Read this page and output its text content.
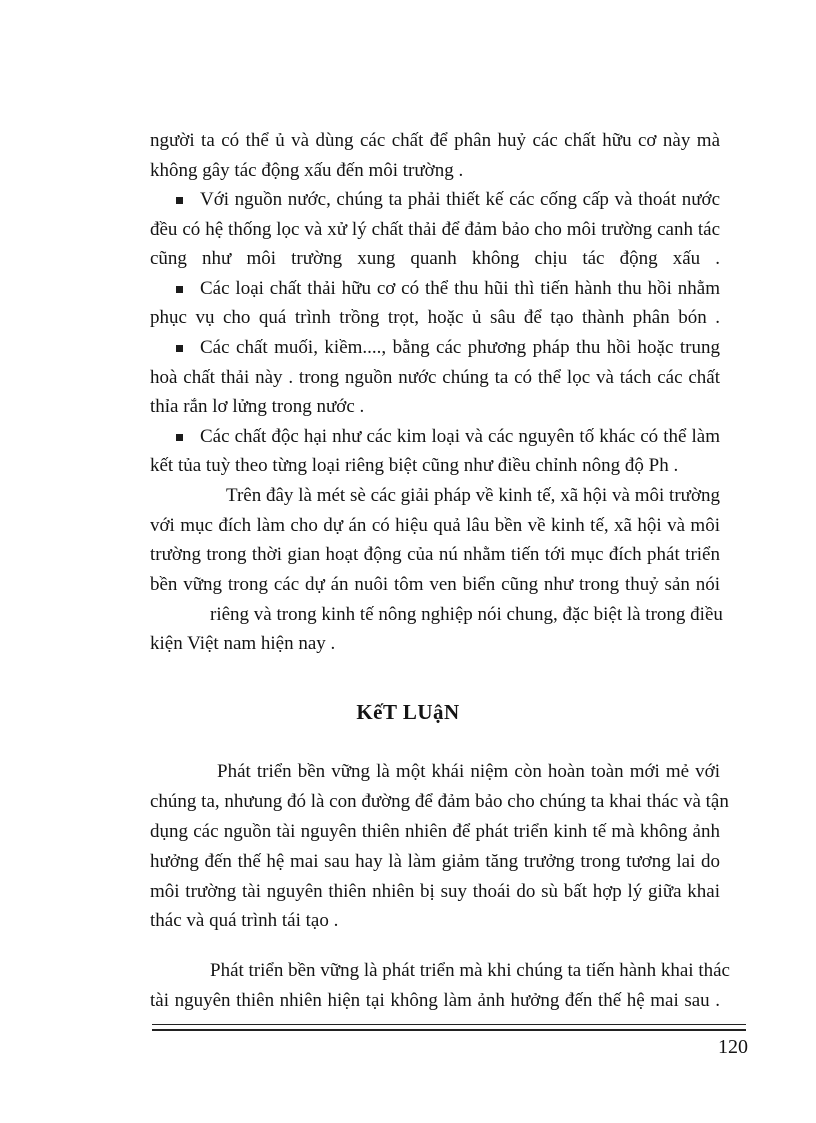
người ta có thể ủ và dùng các chất để phân huỷ các chất hữu cơ này mà
không gây tác động xấu đến môi trường .
Với nguồn nước, chúng ta phải thiết kế các cống cấp và thoát nước
đều có hệ thống lọc và xử lý chất thải để đảm bảo cho môi trường canh tác
cũng như môi trường xung quanh không chịu tác động xấu .
Các loại chất thải hữu cơ có thể thu hũi thì tiến hành thu hồi nhằm
phục vụ cho quá trình trồng trọt, hoặc ủ sâu để tạo thành phân bón .
Các chất muối, kiềm...., bằng các phương pháp thu hồi hoặc trung
hoà chất thải này . trong nguồn nước chúng ta có thể lọc và tách các chất
thỉa rắn lơ lửng trong nước .
Các chất độc hại như các kim loại và các nguyên tố khác có thể làm
kết tủa tuỳ theo từng loại riêng biệt cũng như điều chỉnh nông độ Ph .
Trên đây là mét sè các giải pháp về kinh tế, xã hội và môi trường
với mục đích làm cho dự án có hiệu quả lâu bền về kinh tế, xã hội và môi
trường trong thời gian hoạt động của nú nhằm tiến tới mục đích phát triển
bền vững trong các dự án nuôi tôm ven biển cũng như trong thuỷ sản nói
riêng và trong kinh tế nông nghiệp nói chung, đặc biệt là trong điều
kiện Việt nam hiện nay .
Phát triển bền vững là một khái niệm còn hoàn toàn mới mẻ với
chúng ta, nhưung đó là con đường để đảm bảo cho chúng ta khai thác và tận
dụng các nguồn tài nguyên thiên nhiên để phát triển kinh tế mà không ảnh
hưởng đến thế hệ mai sau hay là làm giảm tăng trưởng trong tương lai do
môi trường tài nguyên thiên nhiên bị suy thoái do sù bất hợp lý giữa khai
thác và quá trình tái tạo .
Phát triển bền vững là phát triển mà khi chúng ta tiến hành khai thác
tài nguyên thiên nhiên hiện tại không làm ảnh hưởng đến thế hệ mai sau .
KếT LUậN
120
